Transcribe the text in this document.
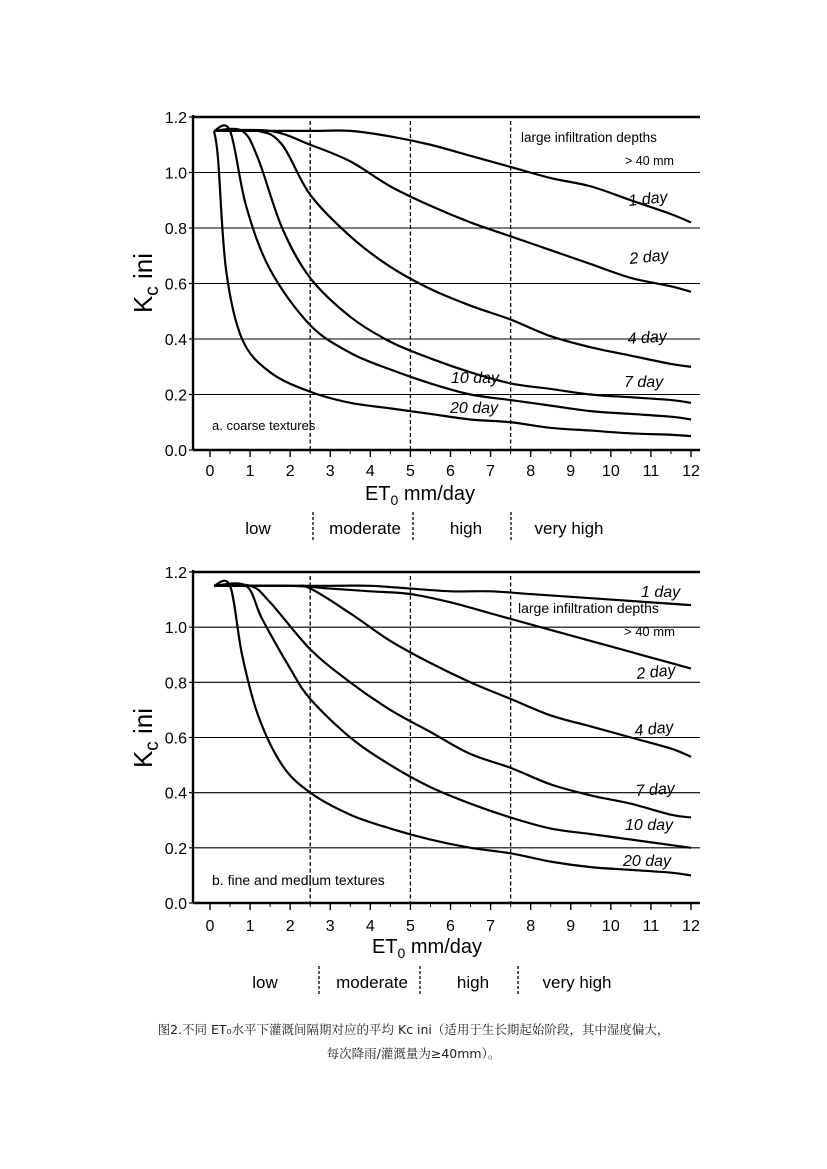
0.0
0.2
0.4
0.6
0.8
1.0
1.2
0 1 2 3 4 5 6 7 8 9 10 11 12
$K_c$ ini
$ET_0$ mm/day
a. coarse textures
large infiltration depths
> 40 mm
1 day
2 day
4 day
7 day
10 day
20 day
low	moderate	high	very high
0.0
0.2
0.4
0.6
0.8
1.0
1.2
0 1 2 3 4 5 6 7 8 9 10 11 12
$K_c$ ini
$ET_0$ mm/day
b. fine and medium textures
large infiltration depths
> 40 mm
1 day
2 day
4 day
7 day
10 day
20 day
low	moderate	high	very high
图2.不同 ET₀水平下灌溉间隔期对应的平均 Kc ini（适用于生长期起始阶段，其中湿度偏大，
每次降雨/灌溉量为≥40mm）。
